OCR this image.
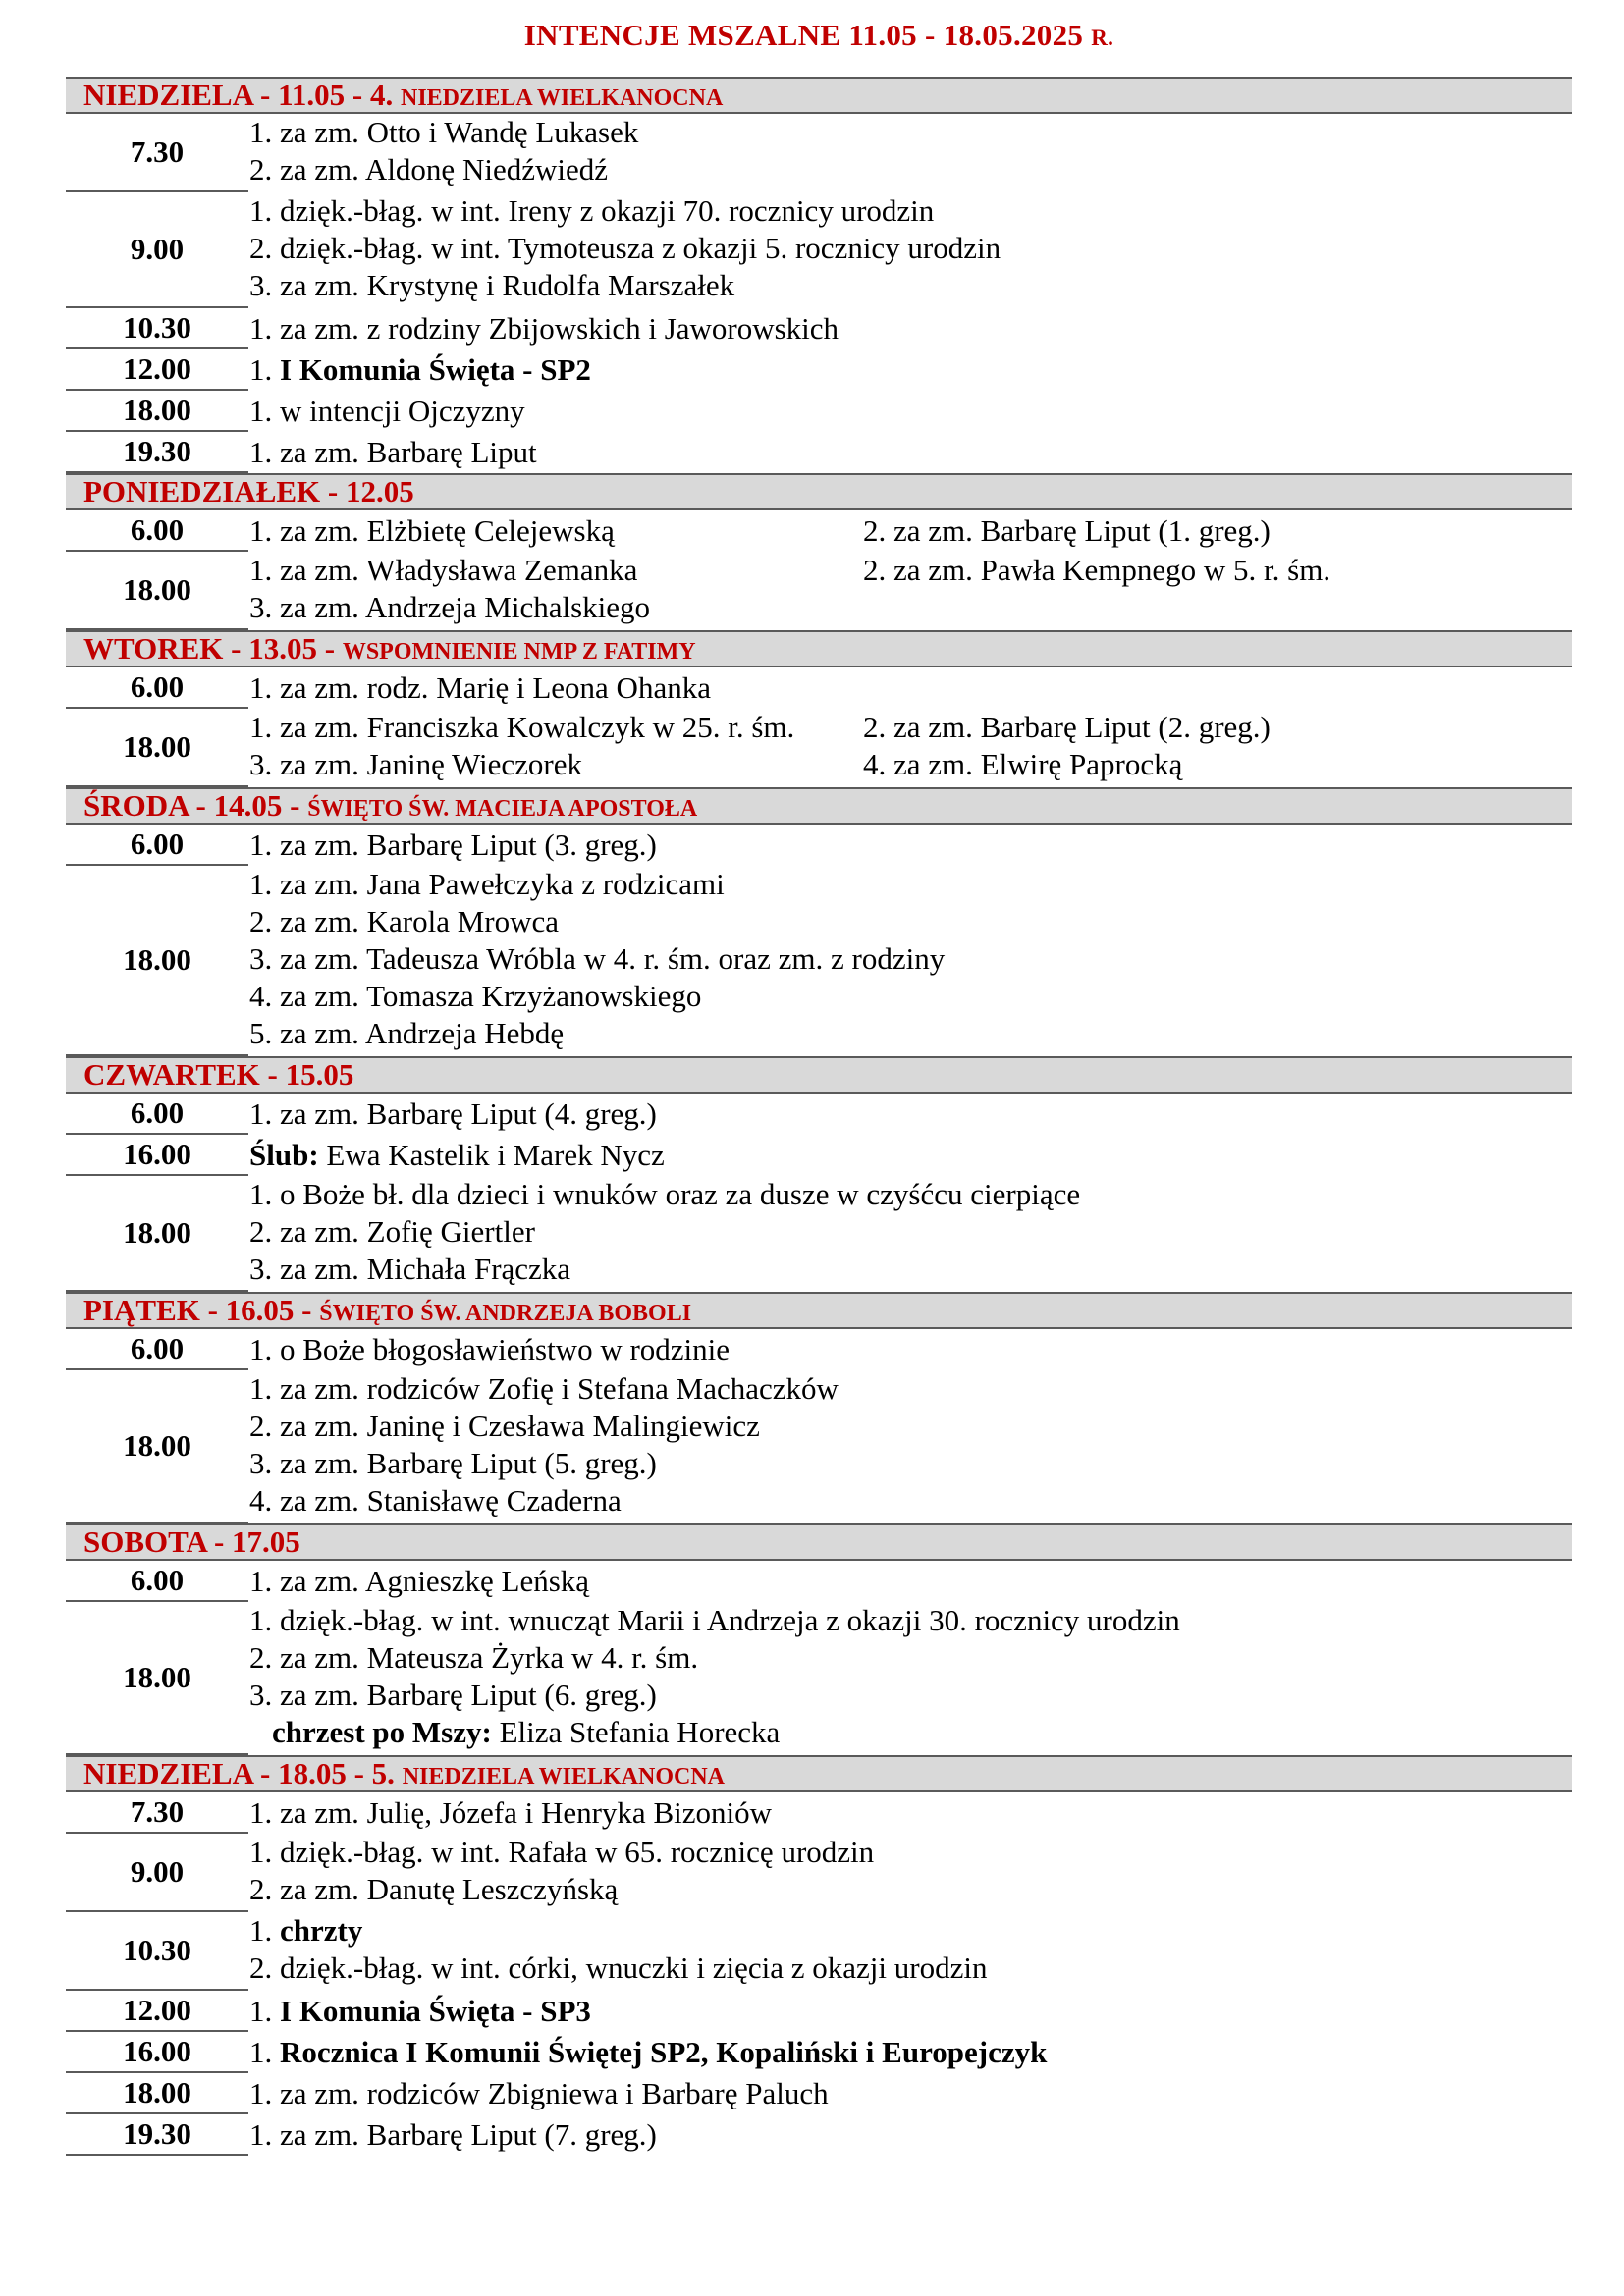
INTENCJE MSZALNE 11.05 - 18.05.2025 R.
NIEDZIELA - 11.05 - 4. NIEDZIELA WIELKANOCNA
7.30
1. za zm. Otto i Wandę Lukasek
2. za zm. Aldonę Niedźwiedź
9.00
1. dzięk.-błag. w int. Ireny z okazji 70. rocznicy urodzin
2. dzięk.-błag. w int. Tymoteusza z okazji 5. rocznicy urodzin
3. za zm. Krystynę i Rudolfa Marszałek
10.30	1. za zm. z rodziny Zbijowskich i Jaworowskich
12.00	1. I Komunia Święta - SP2
18.00	1. w intencji Ojczyzny
19.30	1. za zm. Barbarę Liput
PONIEDZIAŁEK - 12.05
6.00	1. za zm. Elżbietę Celejewską	2. za zm. Barbarę Liput (1. greg.)
18.00
1. za zm. Władysława Zemanka	2. za zm. Pawła Kempnego w 5. r. śm.
3. za zm. Andrzeja Michalskiego
WTOREK - 13.05 - WSPOMNIENIE NMP Z FATIMY
6.00	1. za zm. rodz. Marię i Leona Ohanka
18.00
1. za zm. Franciszka Kowalczyk w 25. r. śm. 2. za zm. Barbarę Liput (2. greg.)
3. za zm. Janinę Wieczorek	4. za zm. Elwirę Paprocką
ŚRODA - 14.05 - ŚWIĘTO ŚW. MACIEJA APOSTOŁA
6.00	1. za zm. Barbarę Liput (3. greg.)
18.00
1. za zm. Jana Pawełczyka z rodzicami
2. za zm. Karola Mrowca
3. za zm. Tadeusza Wróbla w 4. r. śm. oraz zm. z rodziny
4. za zm. Tomasza Krzyżanowskiego
5. za zm. Andrzeja Hebdę
CZWARTEK - 15.05
6.00	1. za zm. Barbarę Liput (4. greg.)
16.00	Ślub: Ewa Kastelik i Marek Nycz
18.00
1. o Boże bł. dla dzieci i wnuków oraz za dusze w czyśćcu cierpiące
2. za zm. Zofię Giertler
3. za zm. Michała Frączka
PIĄTEK - 16.05 - ŚWIĘTO ŚW. ANDRZEJA BOBOLI
6.00	1. o Boże błogosławieństwo w rodzinie
18.00
1. za zm. rodziców Zofię i Stefana Machaczków
2. za zm. Janinę i Czesława Malingiewicz
3. za zm. Barbarę Liput (5. greg.)
4. za zm. Stanisławę Czaderna
SOBOTA - 17.05
6.00	1. za zm. Agnieszkę Leńską
18.00
1. dzięk.-błag. w int. wnucząt Marii i Andrzeja z okazji 30. rocznicy urodzin
2. za zm. Mateusza Żyrka w 4. r. śm.
3. za zm. Barbarę Liput (6. greg.)
chrzest po Mszy: Eliza Stefania Horecka
NIEDZIELA - 18.05 - 5. NIEDZIELA WIELKANOCNA
7.30	1. za zm. Julię, Józefa i Henryka Bizoniów
9.00
1. dzięk.-błag. w int. Rafała w 65. rocznicę urodzin
2. za zm. Danutę Leszczyńską
10.30
1. chrzty
2. dzięk.-błag. w int. córki, wnuczki i zięcia z okazji urodzin
12.00	1. I Komunia Święta - SP3
16.00	1. Rocznica I Komunii Świętej SP2, Kopaliński i Europejczyk
18.00	1. za zm. rodziców Zbigniewa i Barbarę Paluch
19.30	1. za zm. Barbarę Liput (7. greg.)
